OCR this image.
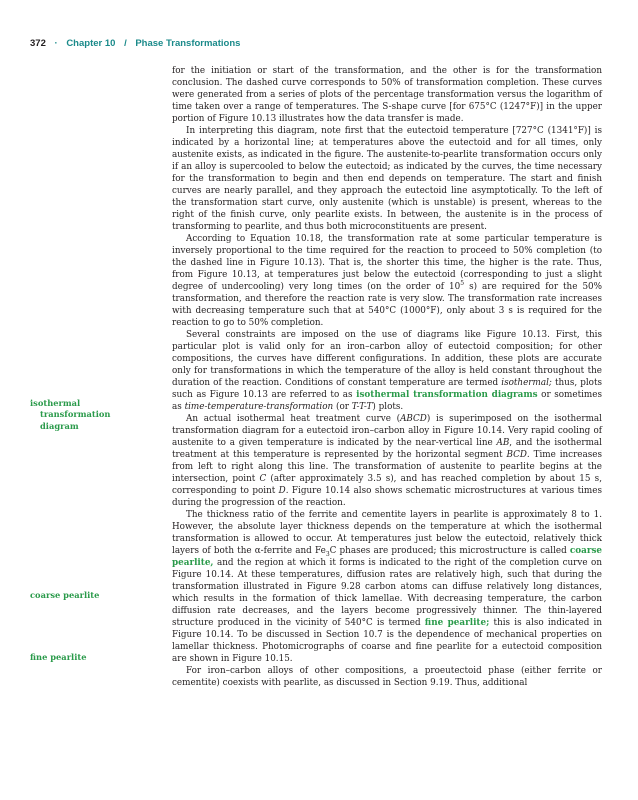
372 · Chapter 10 / Phase Transformations
isothermal
transformation
diagram
coarse pearlite
fine pearlite

for the initiation or start of the transformation, and the other is for the transformation conclusion. The dashed curve corresponds to 50% of transformation completion. These curves were generated from a series of plots of the percentage transformation versus the logarithm of time taken over a range of temperatures. The S-shape curve [for 675°C (1247°F)] in the upper portion of Figure 10.13 illustrates how the data transfer is made.

In interpreting this diagram, note first that the eutectoid temperature [727°C (1341°F)] is indicated by a horizontal line; at temperatures above the eutectoid and for all times, only austenite exists, as indicated in the figure. The austenite-to-pearlite transformation occurs only if an alloy is supercooled to below the eutectoid; as indicated by the curves, the time necessary for the transformation to begin and then end depends on temperature. The start and finish curves are nearly parallel, and they approach the eutectoid line asymptotically. To the left of the transformation start curve, only austenite (which is unstable) is present, whereas to the right of the finish curve, only pearlite exists. In between, the austenite is in the process of transforming to pearlite, and thus both microconstituents are present.

According to Equation 10.18, the transformation rate at some particular temperature is inversely proportional to the time required for the reaction to proceed to 50% completion (to the dashed line in Figure 10.13). That is, the shorter this time, the higher is the rate. Thus, from Figure 10.13, at temperatures just below the eutectoid (corresponding to just a slight degree of undercooling) very long times (on the order of $10^5$ s) are required for the 50% transformation, and therefore the reaction rate is very slow. The transformation rate increases with decreasing temperature such that at 540°C (1000°F), only about 3 s is required for the reaction to go to 50% completion.

Several constraints are imposed on the use of diagrams like Figure 10.13. First, this particular plot is valid only for an iron–carbon alloy of eutectoid composition; for other compositions, the curves have different configurations. In addition, these plots are accurate only for transformations in which the temperature of the alloy is held constant throughout the duration of the reaction. Conditions of constant temperature are termed isothermal; thus, plots such as Figure 10.13 are referred to as isothermal transformation diagrams or sometimes as time-temperature-transformation (or T-T-T) plots.

An actual isothermal heat treatment curve (ABCD) is superimposed on the isothermal transformation diagram for a eutectoid iron–carbon alloy in Figure 10.14. Very rapid cooling of austenite to a given temperature is indicated by the near-vertical line AB, and the isothermal treatment at this temperature is represented by the horizontal segment BCD. Time increases from left to right along this line. The transformation of austenite to pearlite begins at the intersection, point C (after approximately 3.5 s), and has reached completion by about 15 s, corresponding to point D. Figure 10.14 also shows schematic microstructures at various times during the progression of the reaction.

The thickness ratio of the ferrite and cementite layers in pearlite is approximately 8 to 1. However, the absolute layer thickness depends on the temperature at which the isothermal transformation is allowed to occur. At temperatures just below the eutectoid, relatively thick layers of both the α-ferrite and $Fe_3C$ phases are produced; this microstructure is called coarse pearlite, and the region at which it forms is indicated to the right of the completion curve on Figure 10.14. At these temperatures, diffusion rates are relatively high, such that during the transformation illustrated in Figure 9.28 carbon atoms can diffuse relatively long distances, which results in the formation of thick lamellae. With decreasing temperature, the carbon diffusion rate decreases, and the layers become progressively thinner. The thin-layered structure produced in the vicinity of 540°C is termed fine pearlite; this is also indicated in Figure 10.14. To be discussed in Section 10.7 is the dependence of mechanical properties on lamellar thickness. Photomicrographs of coarse and fine pearlite for a eutectoid composition are shown in Figure 10.15.

For iron–carbon alloys of other compositions, a proeutectoid phase (either ferrite or cementite) coexists with pearlite, as discussed in Section 9.19. Thus, additional
